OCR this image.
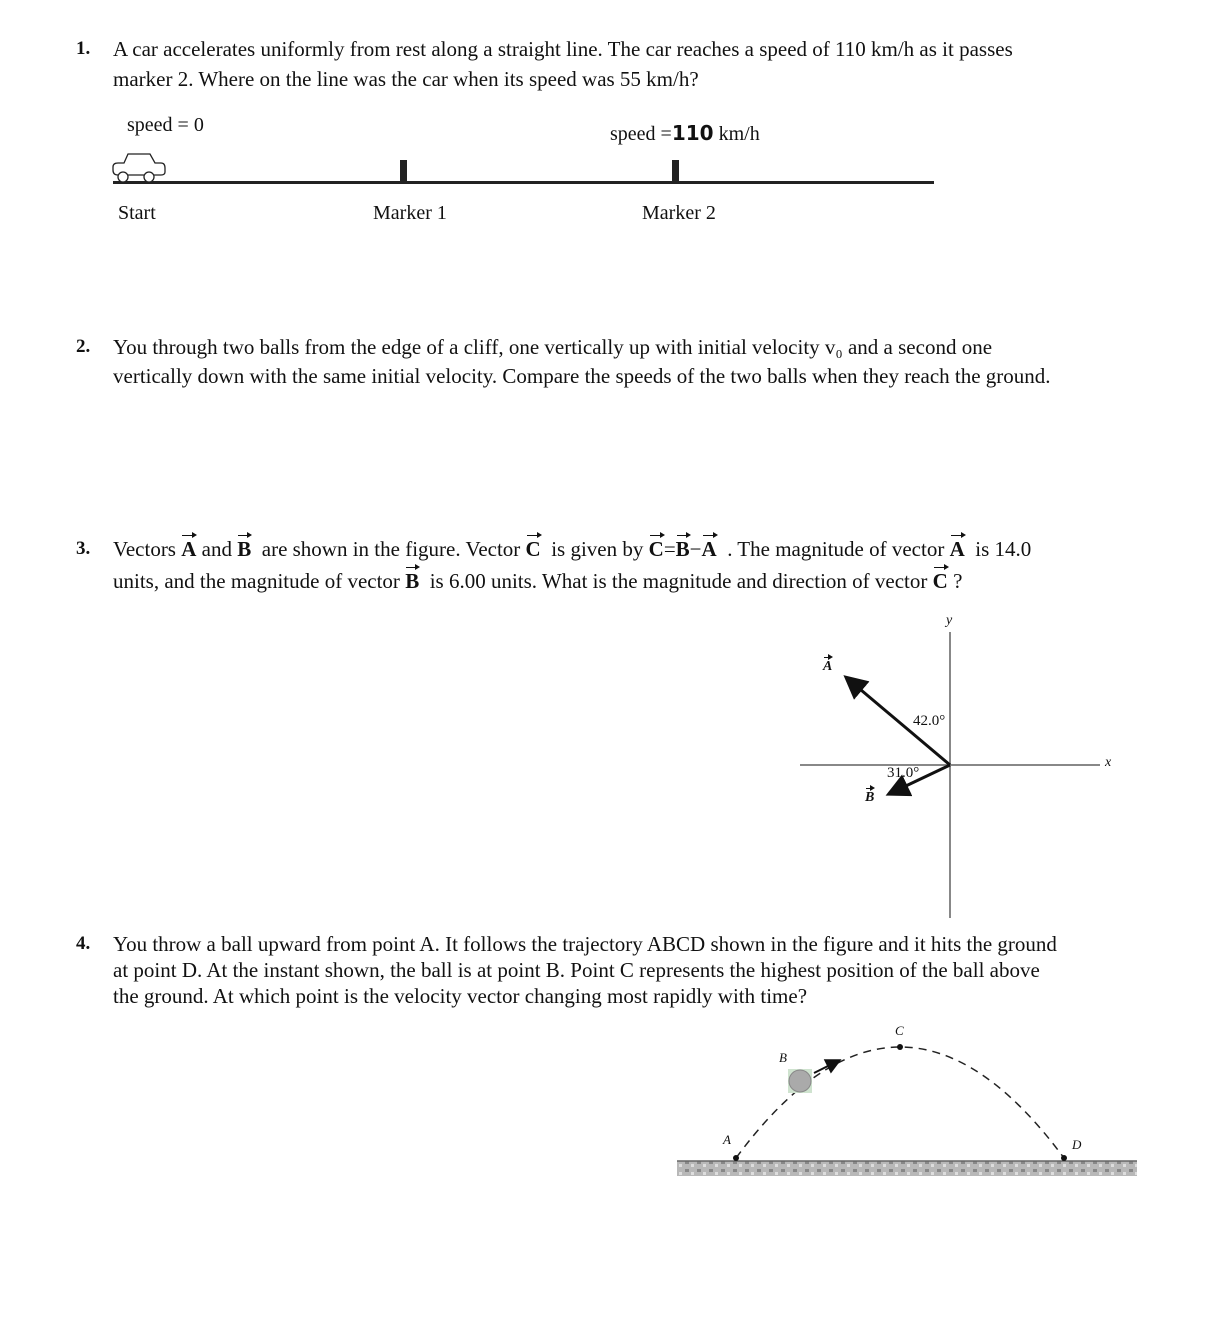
1. A car accelerates uniformly from rest along a straight line. The car reaches a speed of 110 km/h as it passes
marker 2. Where on the line was the car when its speed was 55 km/h?
speed = 0	speed =110 km/h
Start	Marker 1	Marker 2
2. You through two balls from the edge of a cliff, one vertically up with initial velocity v₀ and a second one
vertically down with the same initial velocity. Compare the speeds of the two balls when they reach the ground.
3. Vectors A and B  are shown in the figure. Vector C  is given by C=B−A  . The magnitude of vector A  is 14.0
units, and the magnitude of vector B  is 6.00 units. What is the magnitude and direction of vector C ?
y
x
A
B
42.0°
31.0°
4. You throw a ball upward from point A. It follows the trajectory ABCD shown in the figure and it hits the ground
at point D. At the instant shown, the ball is at point B. Point C represents the highest position of the ball above
the ground. At which point is the velocity vector changing most rapidly with time?
A
B
C
D
